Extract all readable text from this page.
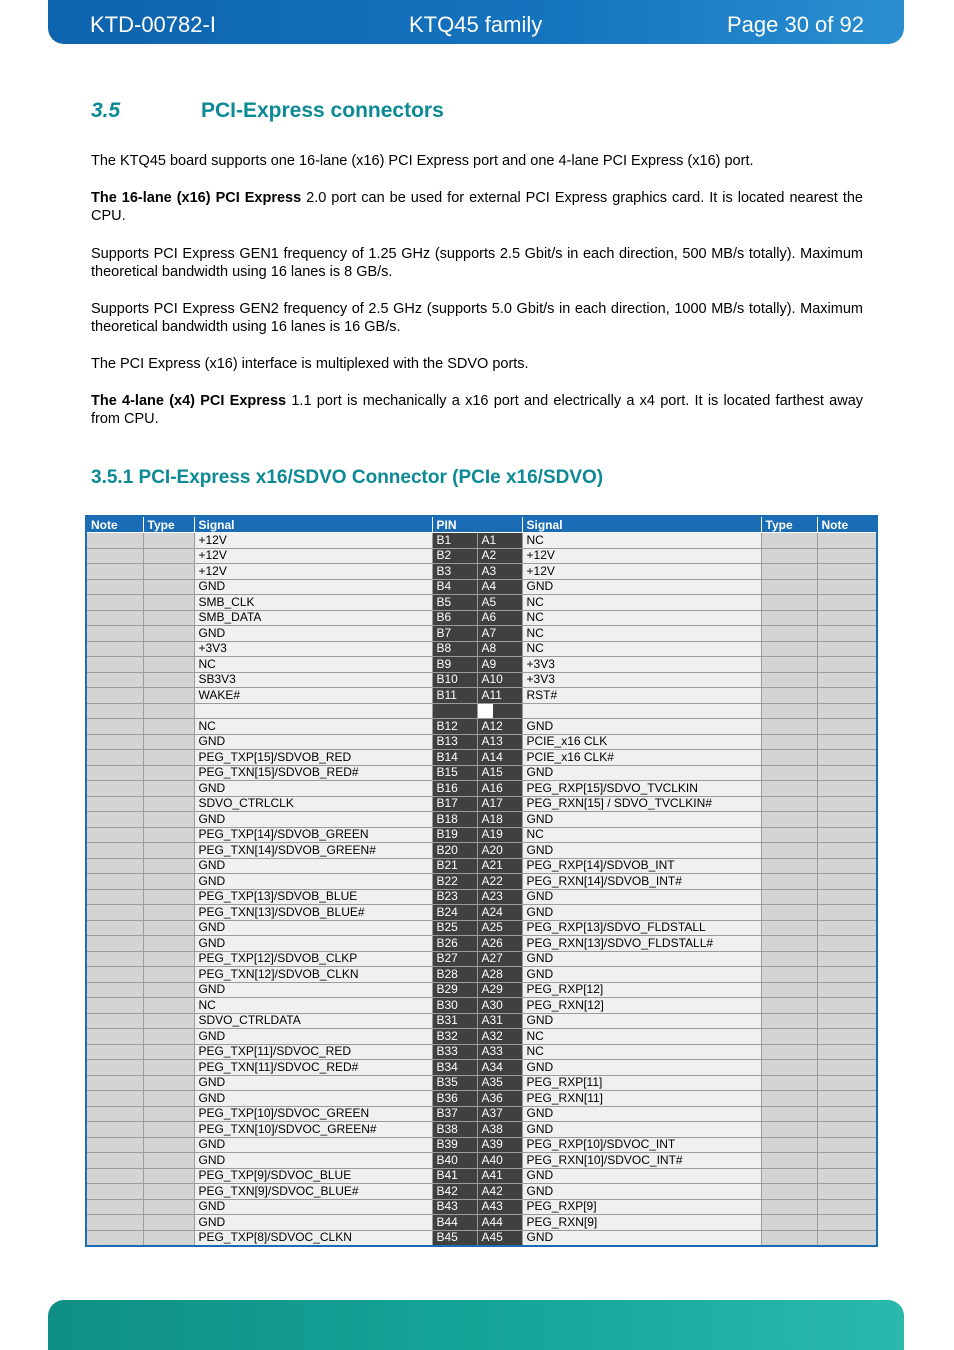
KTD-00782-I	KTQ45 family	Page 30 of 92
3.5	PCI-Express connectors
The KTQ45 board supports one 16-lane (x16) PCI Express port and one 4-lane PCI Express (x16) port.
The 16-lane (x16) PCI Express 2.0 port can be used for external PCI Express graphics card. It is located nearest the CPU.
Supports PCI Express GEN1 frequency of 1.25 GHz (supports 2.5 Gbit/s in each direction, 500 MB/s totally). Maximum theoretical bandwidth using 16 lanes is 8 GB/s.
Supports PCI Express GEN2 frequency of 2.5 GHz (supports 5.0 Gbit/s in each direction, 1000 MB/s totally). Maximum theoretical bandwidth using 16 lanes is 16 GB/s.
The PCI Express (x16) interface is multiplexed with the SDVO ports.
The 4-lane (x4) PCI Express 1.1 port is mechanically a x16 port and electrically a x4 port. It is located farthest away from CPU.
3.5.1 PCI-Express x16/SDVO Connector (PCIe x16/SDVO)
Note	Type	Signal	PIN		Signal	Type	Note
		+12V	B1	A1	NC		
		+12V	B2	A2	+12V		
		+12V	B3	A3	+12V		
		GND	B4	A4	GND		
		SMB_CLK	B5	A5	NC		
		SMB_DATA	B6	A6	NC		
		GND	B7	A7	NC		
		+3V3	B8	A8	NC		
		NC	B9	A9	+3V3		
		SB3V3	B10	A10	+3V3		
		WAKE#	B11	A11	RST#		

		NC	B12	A12	GND		
		GND	B13	A13	PCIE_x16 CLK		
		PEG_TXP[15]/SDVOB_RED	B14	A14	PCIE_x16 CLK#		
		PEG_TXN[15]/SDVOB_RED#	B15	A15	GND		
		GND	B16	A16	PEG_RXP[15]/SDVO_TVCLKIN		
		SDVO_CTRLCLK	B17	A17	PEG_RXN[15] / SDVO_TVCLKIN#		
		GND	B18	A18	GND		
		PEG_TXP[14]/SDVOB_GREEN	B19	A19	NC		
		PEG_TXN[14]/SDVOB_GREEN#	B20	A20	GND		
		GND	B21	A21	PEG_RXP[14]/SDVOB_INT		
		GND	B22	A22	PEG_RXN[14]/SDVOB_INT#		
		PEG_TXP[13]/SDVOB_BLUE	B23	A23	GND		
		PEG_TXN[13]/SDVOB_BLUE#	B24	A24	GND		
		GND	B25	A25	PEG_RXP[13]/SDVO_FLDSTALL		
		GND	B26	A26	PEG_RXN[13]/SDVO_FLDSTALL#		
		PEG_TXP[12]/SDVOB_CLKP	B27	A27	GND		
		PEG_TXN[12]/SDVOB_CLKN	B28	A28	GND		
		GND	B29	A29	PEG_RXP[12]		
		NC	B30	A30	PEG_RXN[12]		
		SDVO_CTRLDATA	B31	A31	GND		
		GND	B32	A32	NC		
		PEG_TXP[11]/SDVOC_RED	B33	A33	NC		
		PEG_TXN[11]/SDVOC_RED#	B34	A34	GND		
		GND	B35	A35	PEG_RXP[11]		
		GND	B36	A36	PEG_RXN[11]		
		PEG_TXP[10]/SDVOC_GREEN	B37	A37	GND		
		PEG_TXN[10]/SDVOC_GREEN#	B38	A38	GND		
		GND	B39	A39	PEG_RXP[10]/SDVOC_INT		
		GND	B40	A40	PEG_RXN[10]/SDVOC_INT#		
		PEG_TXP[9]/SDVOC_BLUE	B41	A41	GND		
		PEG_TXN[9]/SDVOC_BLUE#	B42	A42	GND		
		GND	B43	A43	PEG_RXP[9]		
		GND	B44	A44	PEG_RXN[9]		
		PEG_TXP[8]/SDVOC_CLKN	B45	A45	GND		
